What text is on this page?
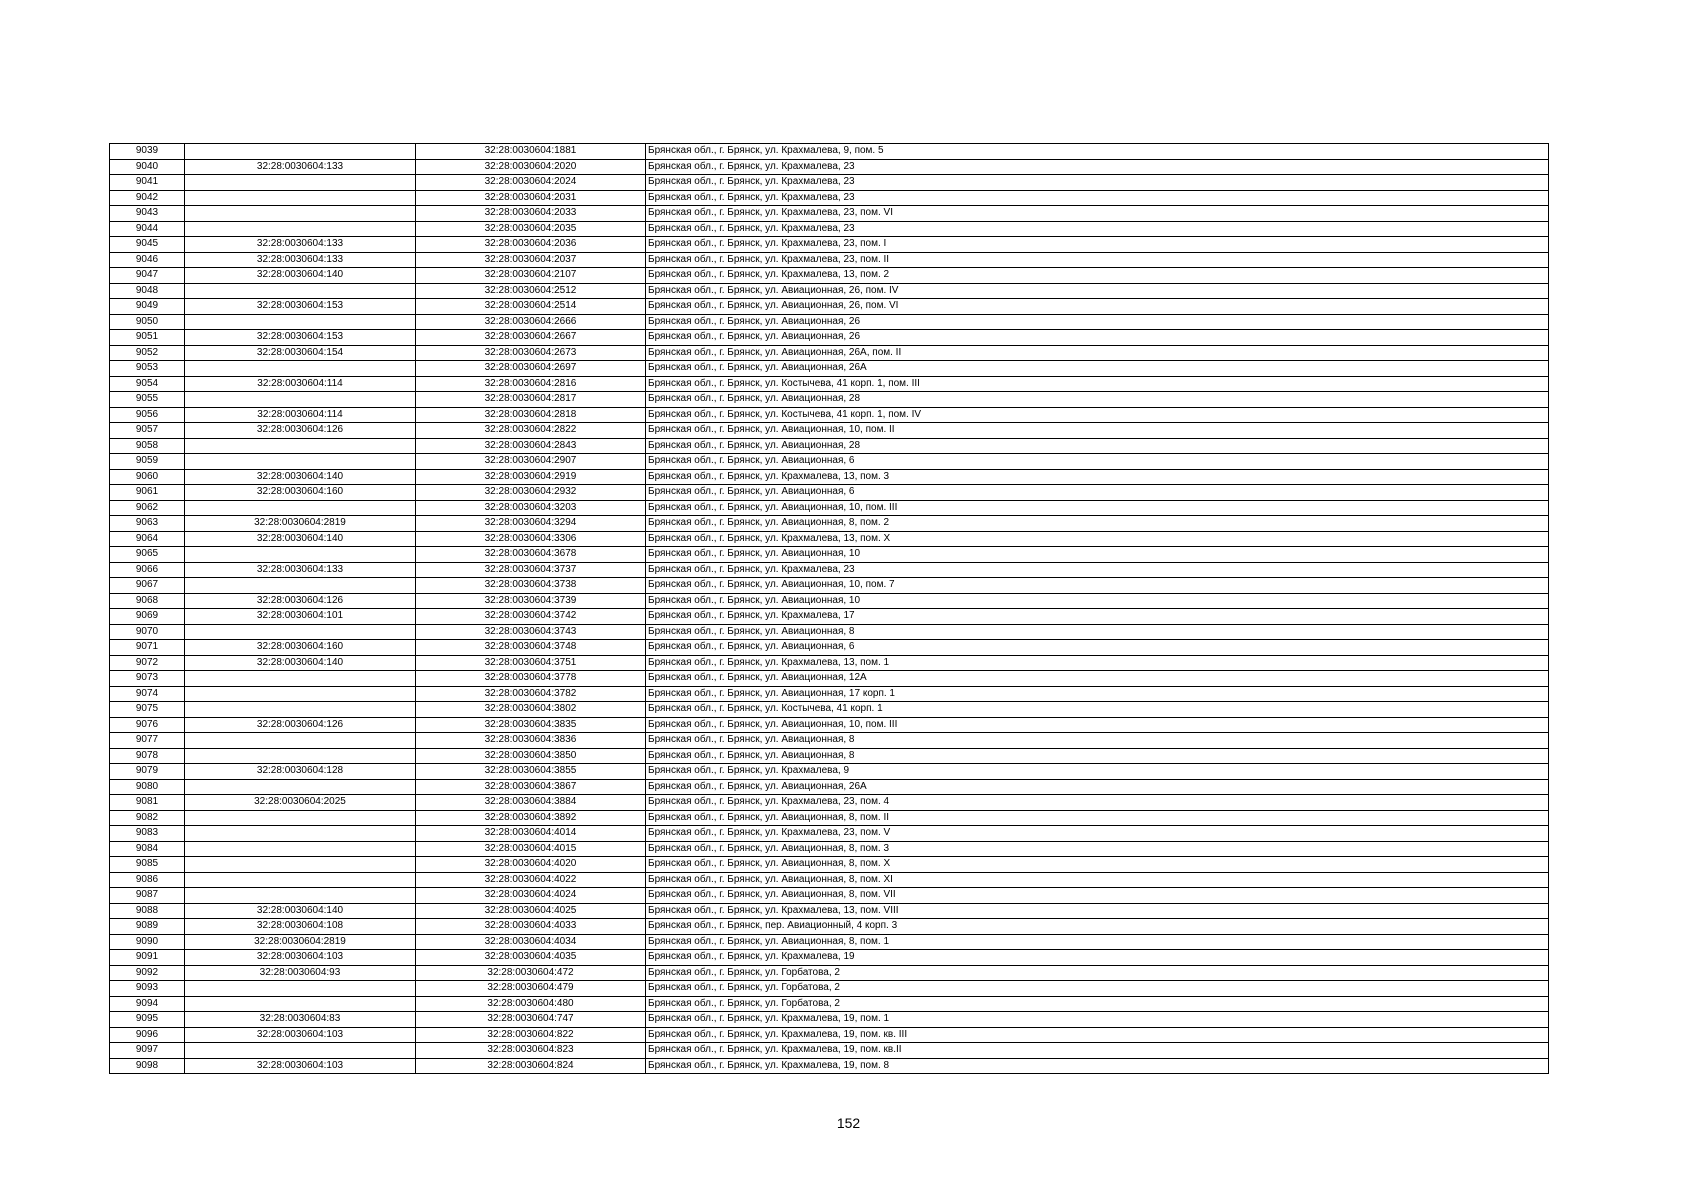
9039		32:28:0030604:1881	Брянская обл., г. Брянск, ул. Крахмалева, 9, пом. 5
9040	32:28:0030604:133	32:28:0030604:2020	Брянская обл., г. Брянск, ул. Крахмалева, 23
9041		32:28:0030604:2024	Брянская обл., г. Брянск, ул. Крахмалева, 23
9042		32:28:0030604:2031	Брянская обл., г. Брянск, ул. Крахмалева, 23
9043		32:28:0030604:2033	Брянская обл., г. Брянск, ул. Крахмалева, 23, пом. VI
9044		32:28:0030604:2035	Брянская обл., г. Брянск, ул. Крахмалева, 23
9045	32:28:0030604:133	32:28:0030604:2036	Брянская обл., г. Брянск, ул. Крахмалева, 23, пом. I
9046	32:28:0030604:133	32:28:0030604:2037	Брянская обл., г. Брянск, ул. Крахмалева, 23, пом. II
9047	32:28:0030604:140	32:28:0030604:2107	Брянская обл., г. Брянск, ул. Крахмалева, 13, пом. 2
9048		32:28:0030604:2512	Брянская обл., г. Брянск, ул. Авиационная, 26, пом. IV
9049	32:28:0030604:153	32:28:0030604:2514	Брянская обл., г. Брянск, ул. Авиационная, 26, пом. VI
9050		32:28:0030604:2666	Брянская обл., г. Брянск, ул. Авиационная, 26
9051	32:28:0030604:153	32:28:0030604:2667	Брянская обл., г. Брянск, ул. Авиационная, 26
9052	32:28:0030604:154	32:28:0030604:2673	Брянская обл., г. Брянск, ул. Авиационная, 26А, пом. II
9053		32:28:0030604:2697	Брянская обл., г. Брянск, ул. Авиационная, 26А
9054	32:28:0030604:114	32:28:0030604:2816	Брянская обл., г. Брянск, ул. Костычева, 41 корп. 1, пом. III
9055		32:28:0030604:2817	Брянская обл., г. Брянск, ул. Авиационная, 28
9056	32:28:0030604:114	32:28:0030604:2818	Брянская обл., г. Брянск, ул. Костычева, 41 корп. 1, пом. IV
9057	32:28:0030604:126	32:28:0030604:2822	Брянская обл., г. Брянск, ул. Авиационная, 10, пом. II
9058		32:28:0030604:2843	Брянская обл., г. Брянск, ул. Авиационная, 28
9059		32:28:0030604:2907	Брянская обл., г. Брянск, ул. Авиационная, 6
9060	32:28:0030604:140	32:28:0030604:2919	Брянская обл., г. Брянск, ул. Крахмалева, 13, пом. 3
9061	32:28:0030604:160	32:28:0030604:2932	Брянская обл., г. Брянск, ул. Авиационная, 6
9062		32:28:0030604:3203	Брянская обл., г. Брянск, ул. Авиационная, 10, пом. III
9063	32:28:0030604:2819	32:28:0030604:3294	Брянская обл., г. Брянск, ул. Авиационная, 8, пом. 2
9064	32:28:0030604:140	32:28:0030604:3306	Брянская обл., г. Брянск, ул. Крахмалева, 13, пом. X
9065		32:28:0030604:3678	Брянская обл., г. Брянск, ул. Авиационная, 10
9066	32:28:0030604:133	32:28:0030604:3737	Брянская обл., г. Брянск, ул. Крахмалева, 23
9067		32:28:0030604:3738	Брянская обл., г. Брянск, ул. Авиационная, 10, пом. 7
9068	32:28:0030604:126	32:28:0030604:3739	Брянская обл., г. Брянск, ул. Авиационная, 10
9069	32:28:0030604:101	32:28:0030604:3742	Брянская обл., г. Брянск, ул. Крахмалева, 17
9070		32:28:0030604:3743	Брянская обл., г. Брянск, ул. Авиационная, 8
9071	32:28:0030604:160	32:28:0030604:3748	Брянская обл., г. Брянск, ул. Авиационная, 6
9072	32:28:0030604:140	32:28:0030604:3751	Брянская обл., г. Брянск, ул. Крахмалева, 13, пом. 1
9073		32:28:0030604:3778	Брянская обл., г. Брянск, ул. Авиационная, 12А
9074		32:28:0030604:3782	Брянская обл., г. Брянск, ул. Авиационная, 17 корп. 1
9075		32:28:0030604:3802	Брянская обл., г. Брянск, ул. Костычева, 41 корп. 1
9076	32:28:0030604:126	32:28:0030604:3835	Брянская обл., г. Брянск, ул. Авиационная, 10, пом. III
9077		32:28:0030604:3836	Брянская обл., г. Брянск, ул. Авиационная, 8
9078		32:28:0030604:3850	Брянская обл., г. Брянск, ул. Авиационная, 8
9079	32:28:0030604:128	32:28:0030604:3855	Брянская обл., г. Брянск, ул. Крахмалева, 9
9080		32:28:0030604:3867	Брянская обл., г. Брянск, ул. Авиационная, 26А
9081	32:28:0030604:2025	32:28:0030604:3884	Брянская обл., г. Брянск, ул. Крахмалева, 23, пом. 4
9082		32:28:0030604:3892	Брянская обл., г. Брянск, ул. Авиационная, 8, пом. II
9083		32:28:0030604:4014	Брянская обл., г. Брянск, ул. Крахмалева, 23, пом. V
9084		32:28:0030604:4015	Брянская обл., г. Брянск, ул. Авиационная, 8, пом. 3
9085		32:28:0030604:4020	Брянская обл., г. Брянск, ул. Авиационная, 8, пом. X
9086		32:28:0030604:4022	Брянская обл., г. Брянск, ул. Авиационная, 8, пом. XI
9087		32:28:0030604:4024	Брянская обл., г. Брянск, ул. Авиационная, 8, пом. VII
9088	32:28:0030604:140	32:28:0030604:4025	Брянская обл., г. Брянск, ул. Крахмалева, 13, пом. VIII
9089	32:28:0030604:108	32:28:0030604:4033	Брянская обл., г. Брянск, пер. Авиационный, 4 корп. 3
9090	32:28:0030604:2819	32:28:0030604:4034	Брянская обл., г. Брянск, ул. Авиационная, 8, пом. 1
9091	32:28:0030604:103	32:28:0030604:4035	Брянская обл., г. Брянск, ул. Крахмалева, 19
9092	32:28:0030604:93	32:28:0030604:472	Брянская обл., г. Брянск, ул. Горбатова, 2
9093		32:28:0030604:479	Брянская обл., г. Брянск, ул. Горбатова, 2
9094		32:28:0030604:480	Брянская обл., г. Брянск, ул. Горбатова, 2
9095	32:28:0030604:83	32:28:0030604:747	Брянская обл., г. Брянск, ул. Крахмалева, 19, пом. 1
9096	32:28:0030604:103	32:28:0030604:822	Брянская обл., г. Брянск, ул. Крахмалева, 19, пом. кв. III
9097		32:28:0030604:823	Брянская обл., г. Брянск, ул. Крахмалева, 19, пом. кв.II
9098	32:28:0030604:103	32:28:0030604:824	Брянская обл., г. Брянск, ул. Крахмалева, 19, пом. 8
152
